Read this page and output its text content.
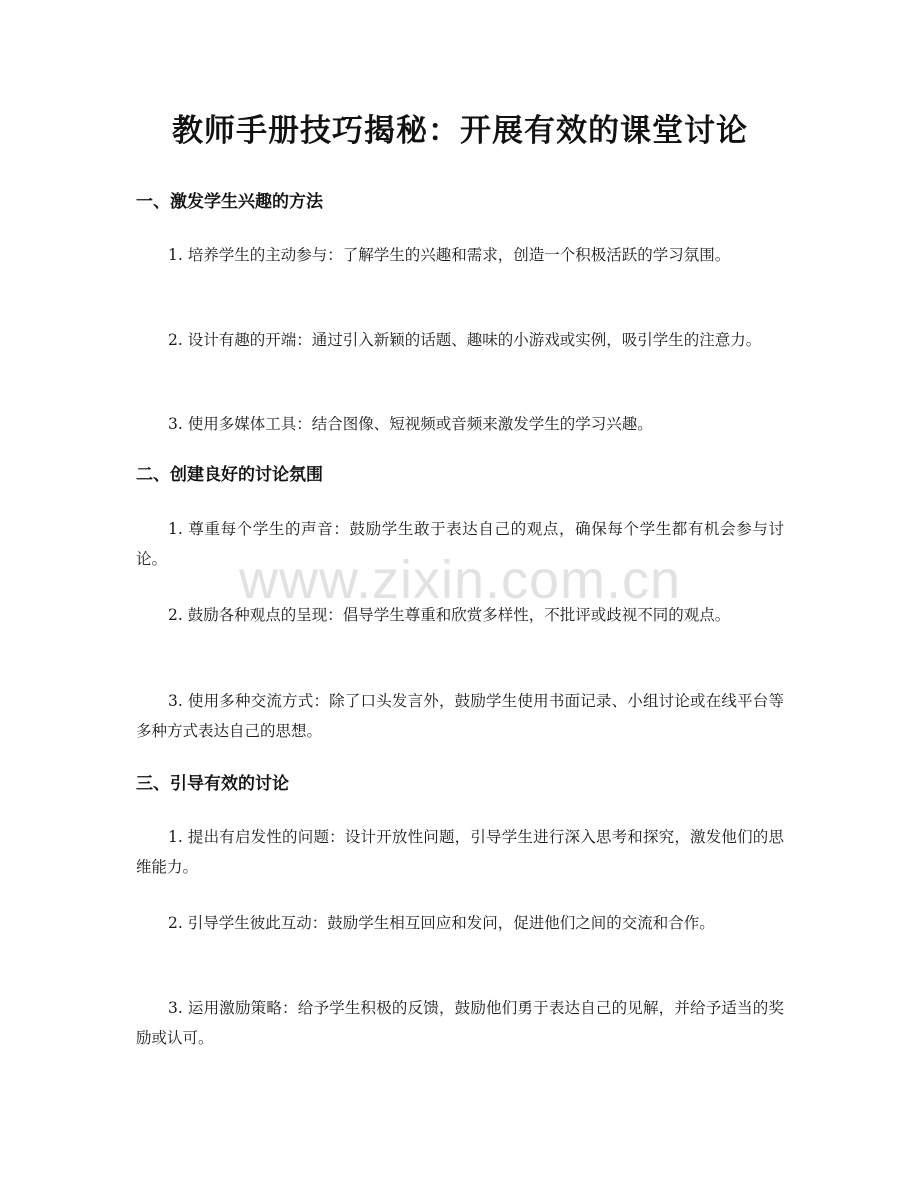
教师手册技巧揭秘：开展有效的课堂讨论
一、激发学生兴趣的方法

1. 培养学生的主动参与：了解学生的兴趣和需求，创造一个积极活跃的学习氛围。

2. 设计有趣的开端：通过引入新颖的话题、趣味的小游戏或实例，吸引学生的注意力。

3. 使用多媒体工具：结合图像、短视频或音频来激发学生的学习兴趣。

二、创建良好的讨论氛围

1. 尊重每个学生的声音：鼓励学生敢于表达自己的观点，确保每个学生都有机会参与讨论。

2. 鼓励各种观点的呈现：倡导学生尊重和欣赏多样性，不批评或歧视不同的观点。

3. 使用多种交流方式：除了口头发言外，鼓励学生使用书面记录、小组讨论或在线平台等多种方式表达自己的思想。

三、引导有效的讨论

1. 提出有启发性的问题：设计开放性问题，引导学生进行深入思考和探究，激发他们的思维能力。

2. 引导学生彼此互动：鼓励学生相互回应和发问，促进他们之间的交流和合作。

3. 运用激励策略：给予学生积极的反馈，鼓励他们勇于表达自己的见解，并给予适当的奖励或认可。

www.zixin.com.cn
